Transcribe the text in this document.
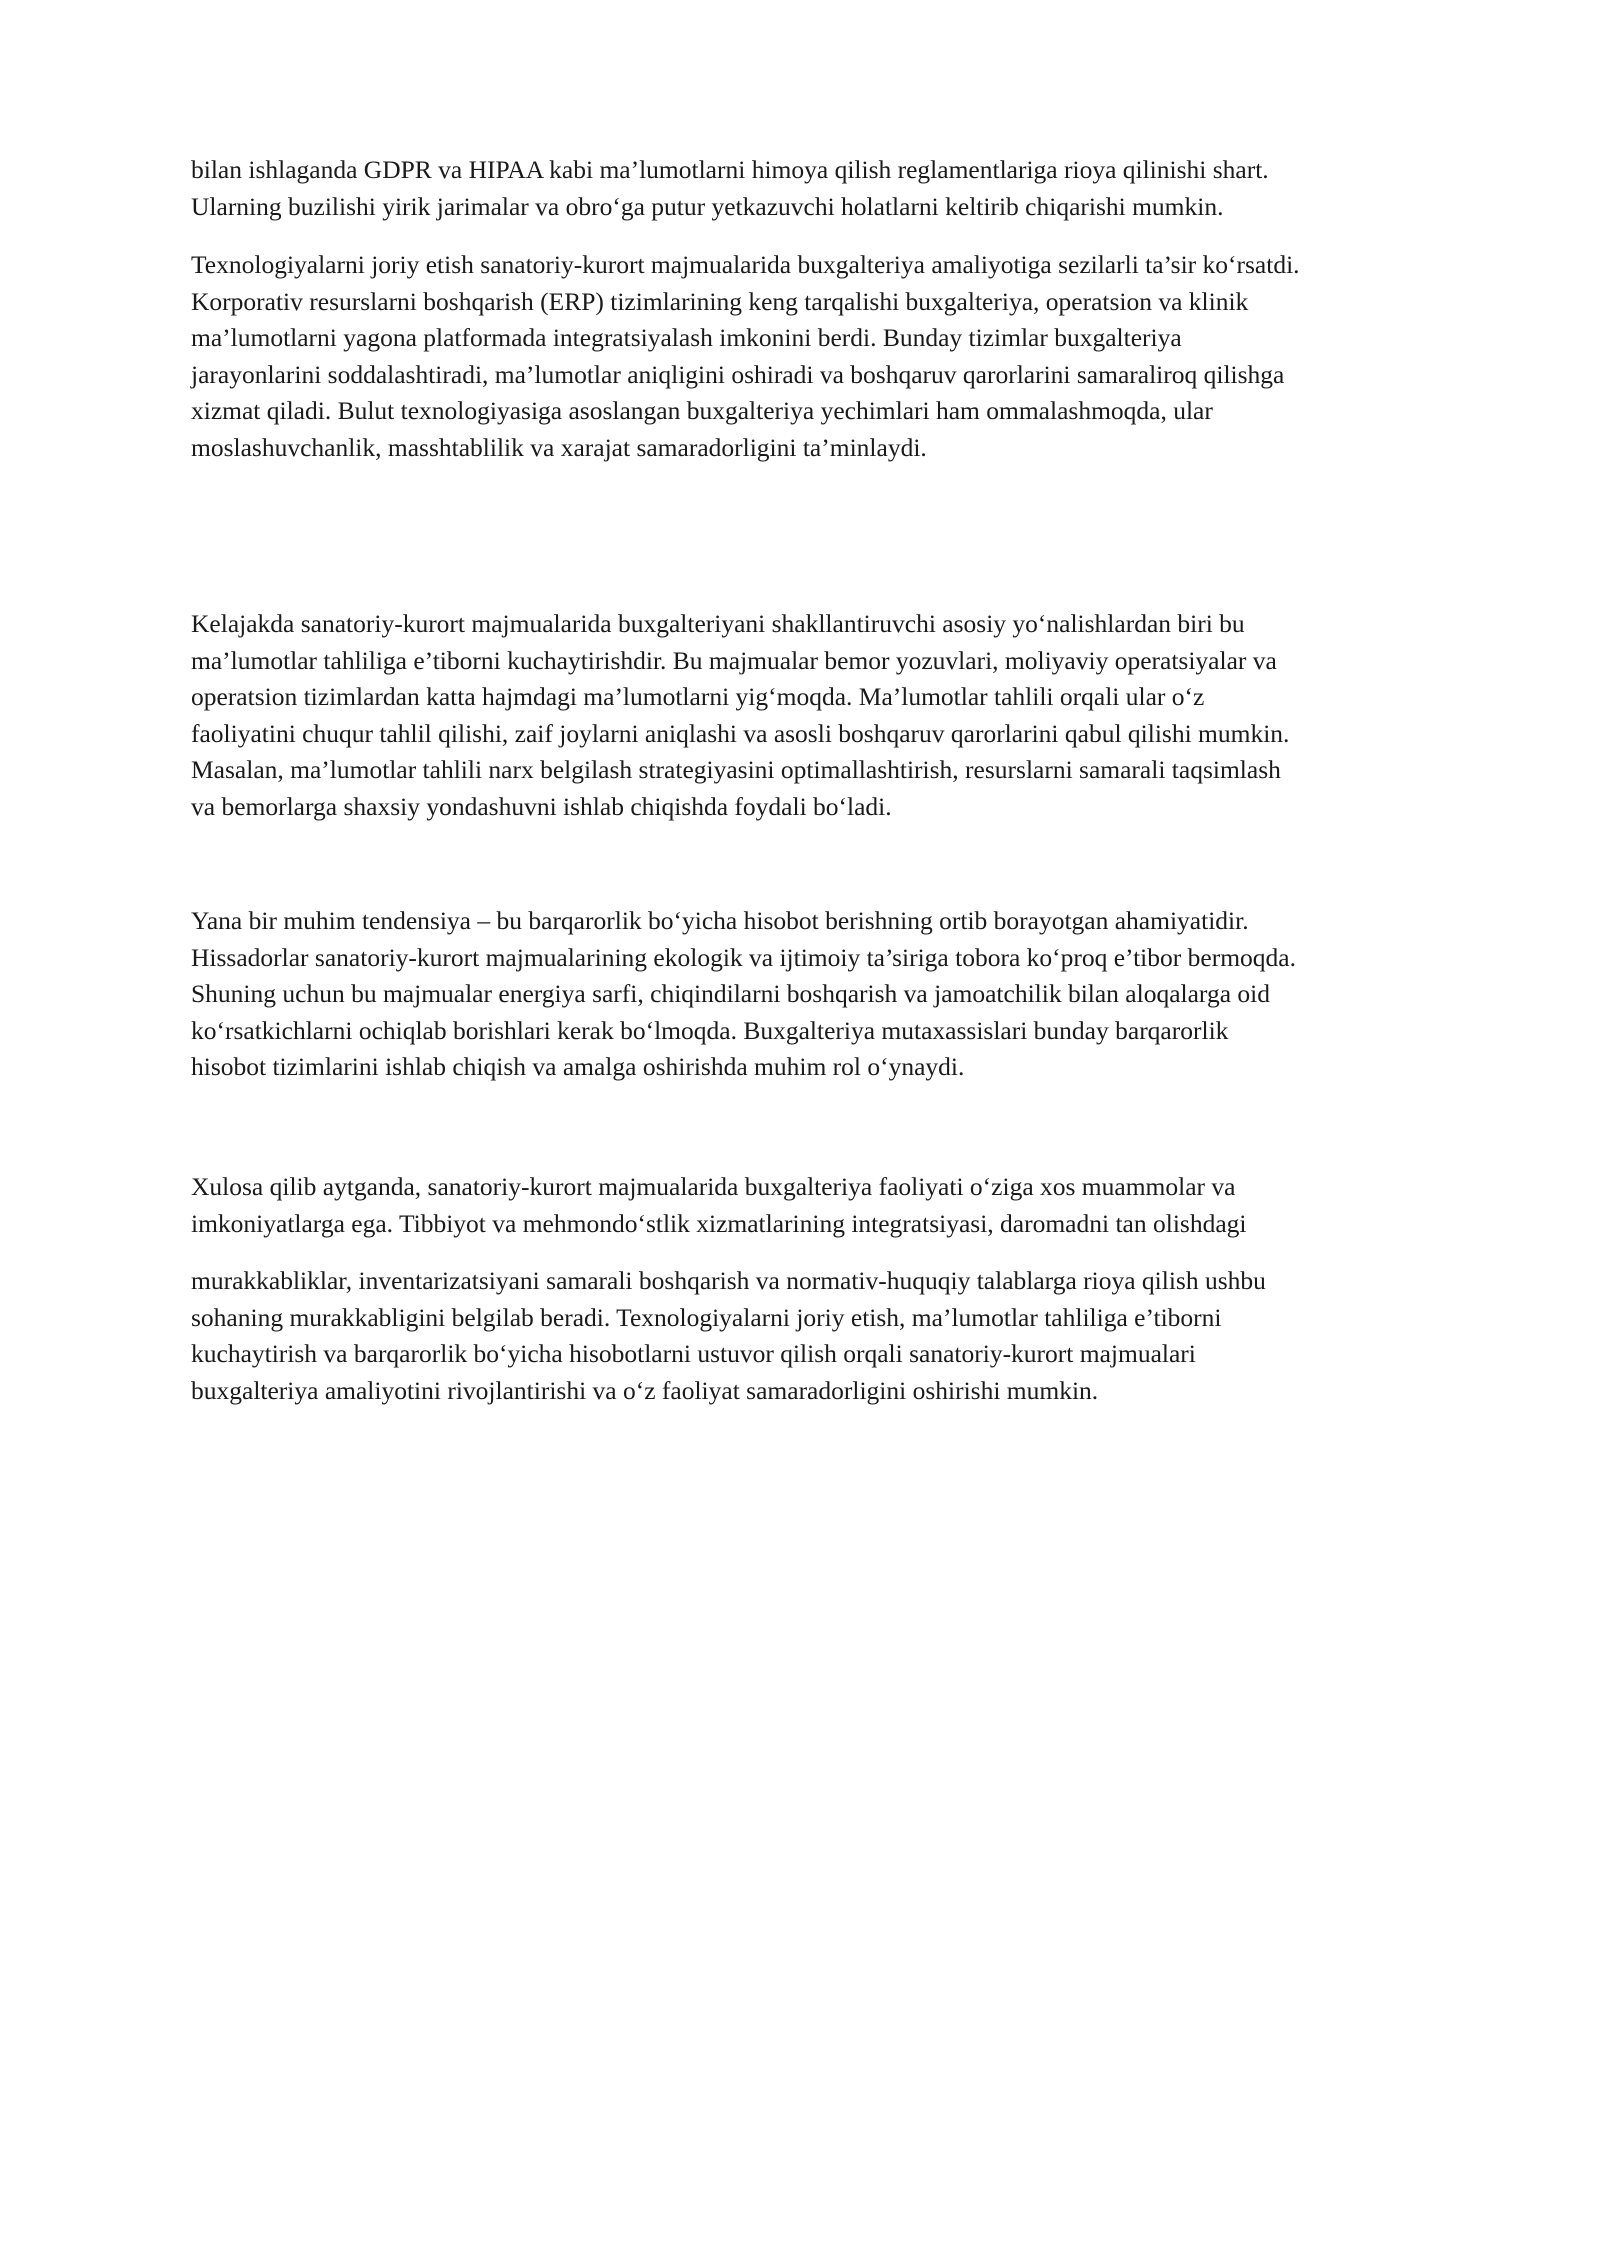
bilan ishlaganda GDPR va HIPAA kabi ma’lumotlarni himoya qilish reglamentlariga rioya qilinishi shart.
Ularning buzilishi yirik jarimalar va obro‘ga putur yetkazuvchi holatlarni keltirib chiqarishi mumkin.

Texnologiyalarni joriy etish sanatoriy-kurort majmualarida buxgalteriya amaliyotiga sezilarli ta’sir ko‘rsatdi.
Korporativ resurslarni boshqarish (ERP) tizimlarining keng tarqalishi buxgalteriya, operatsion va klinik
ma’lumotlarni yagona platformada integratsiyalash imkonini berdi. Bunday tizimlar buxgalteriya
jarayonlarini soddalashtiradi, ma’lumotlar aniqligini oshiradi va boshqaruv qarorlarini samaraliroq qilishga
xizmat qiladi. Bulut texnologiyasiga asoslangan buxgalteriya yechimlari ham ommalashmoqda, ular
moslashuvchanlik, masshtablilik va xarajat samaradorligini ta’minlaydi.

Kelajakda sanatoriy-kurort majmualarida buxgalteriyani shakllantiruvchi asosiy yo‘nalishlardan biri bu
ma’lumotlar tahliliga e’tiborni kuchaytirishdir. Bu majmualar bemor yozuvlari, moliyaviy operatsiyalar va
operatsion tizimlardan katta hajmdagi ma’lumotlarni yig‘moqda. Ma’lumotlar tahlili orqali ular o‘z
faoliyatini chuqur tahlil qilishi, zaif joylarni aniqlashi va asosli boshqaruv qarorlarini qabul qilishi mumkin.
Masalan, ma’lumotlar tahlili narx belgilash strategiyasini optimallashtirish, resurslarni samarali taqsimlash
va bemorlarga shaxsiy yondashuvni ishlab chiqishda foydali bo‘ladi.

Yana bir muhim tendensiya – bu barqarorlik bo‘yicha hisobot berishning ortib borayotgan ahamiyatidir.
Hissadorlar sanatoriy-kurort majmualarining ekologik va ijtimoiy ta’siriga tobora ko‘proq e’tibor bermoqda.
Shuning uchun bu majmualar energiya sarfi, chiqindilarni boshqarish va jamoatchilik bilan aloqalarga oid
ko‘rsatkichlarni ochiqlab borishlari kerak bo‘lmoqda. Buxgalteriya mutaxassislari bunday barqarorlik
hisobot tizimlarini ishlab chiqish va amalga oshirishda muhim rol o‘ynaydi.

Xulosa qilib aytganda, sanatoriy-kurort majmualarida buxgalteriya faoliyati o‘ziga xos muammolar va
imkoniyatlarga ega. Tibbiyot va mehmondo‘stlik xizmatlarining integratsiyasi, daromadni tan olishdagi

murakkabliklar, inventarizatsiyani samarali boshqarish va normativ-huquqiy talablarga rioya qilish ushbu
sohaning murakkabligini belgilab beradi. Texnologiyalarni joriy etish, ma’lumotlar tahliliga e’tiborni
kuchaytirish va barqarorlik bo‘yicha hisobotlarni ustuvor qilish orqali sanatoriy-kurort majmualari
buxgalteriya amaliyotini rivojlantirishi va o‘z faoliyat samaradorligini oshirishi mumkin.
